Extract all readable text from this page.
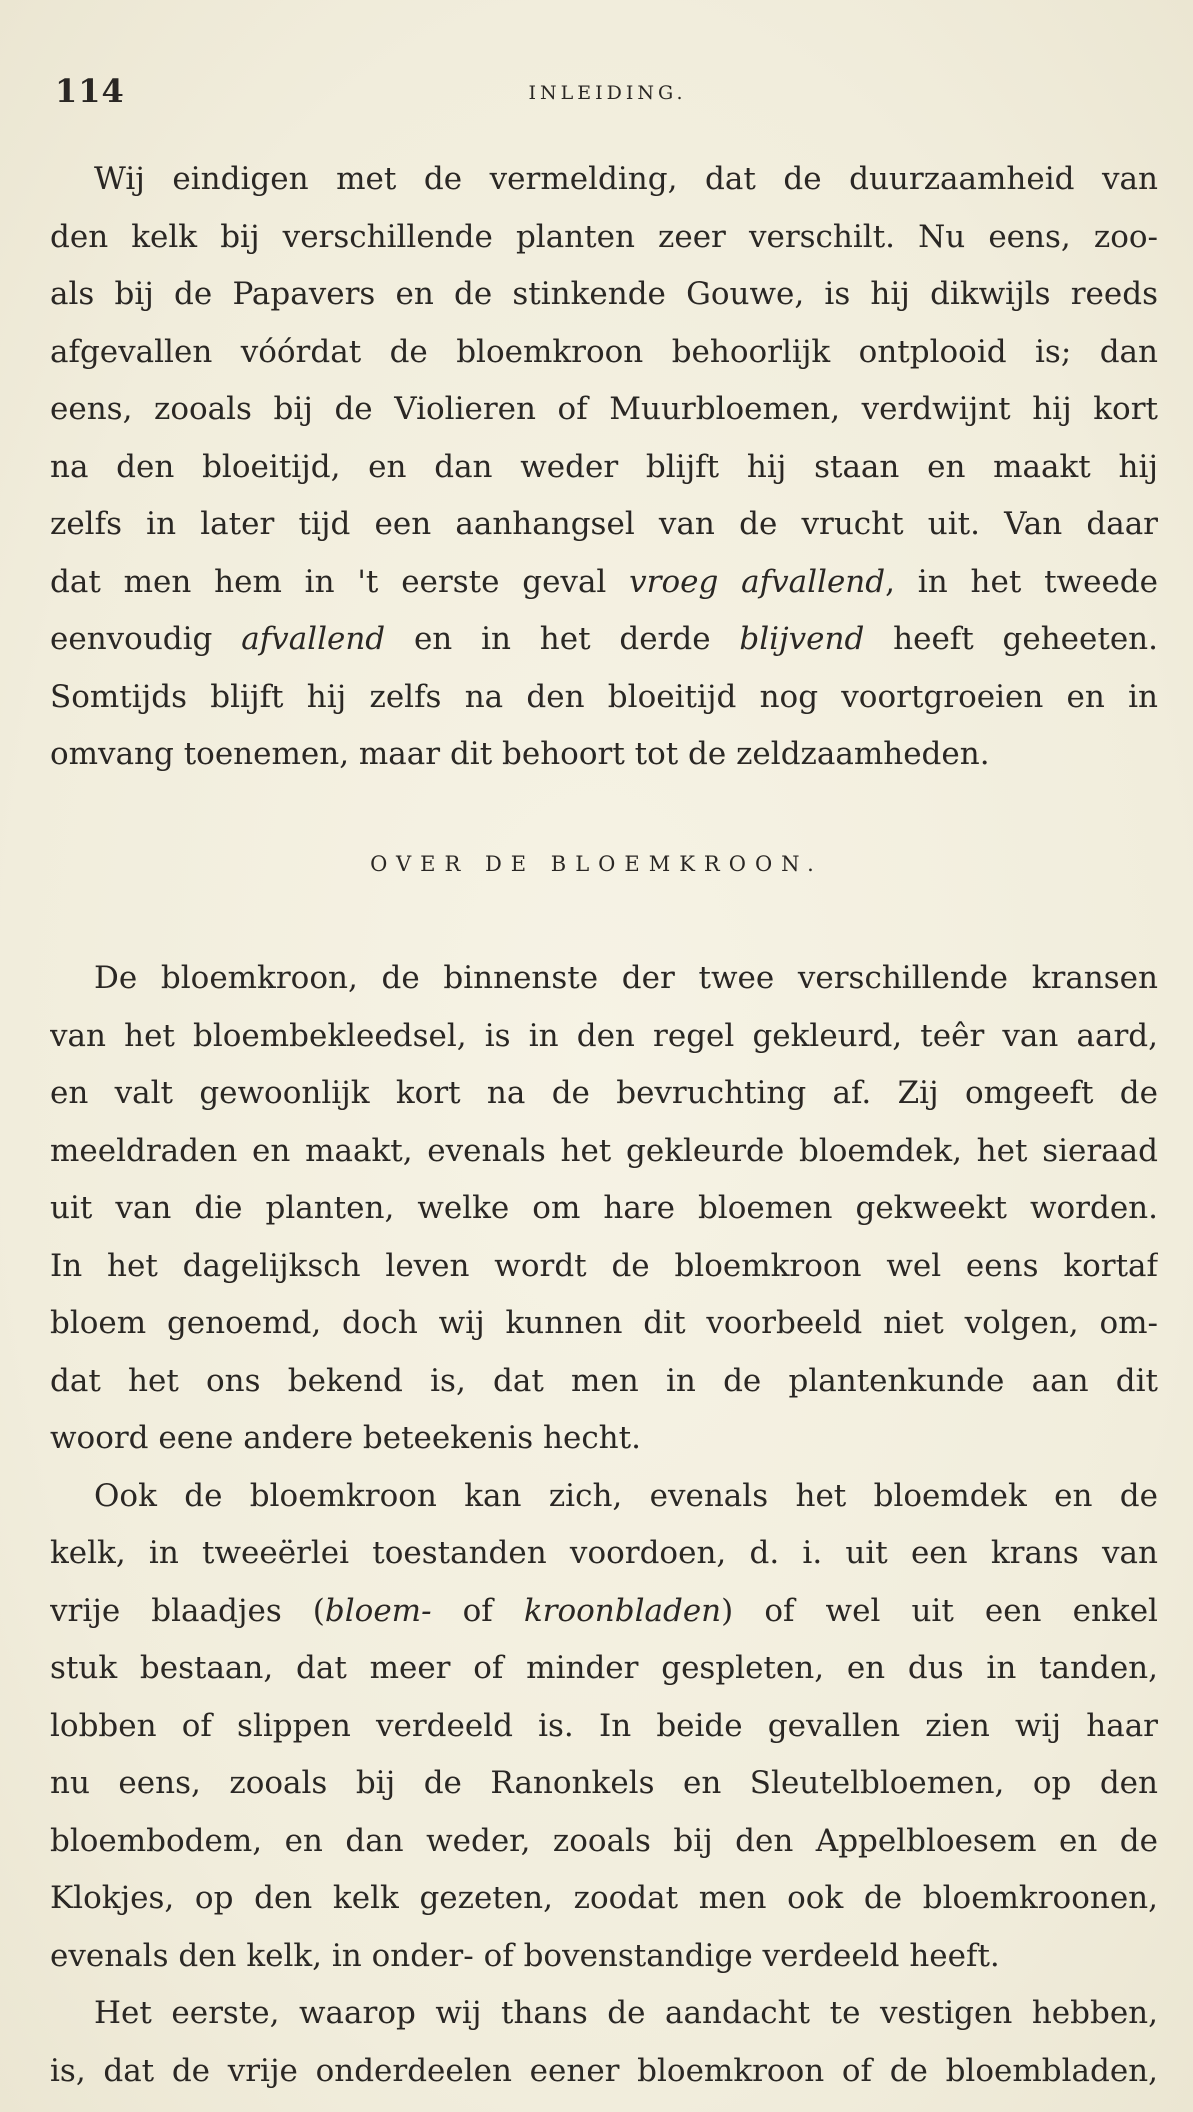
114	INLEIDING.
Wij eindigen met de vermelding, dat de duurzaamheid van
den kelk bij verschillende planten zeer verschilt. Nu eens, zoo-
als bij de Papavers en de stinkende Gouwe, is hij dikwijls reeds
afgevallen vóórdat de bloemkroon behoorlijk ontplooid is; dan
eens, zooals bij de Violieren of Muurbloemen, verdwijnt hij kort
na den bloeitijd, en dan weder blijft hij staan en maakt hij
zelfs in later tijd een aanhangsel van de vrucht uit. Van daar
dat men hem in 't eerste geval vroeg afvallend, in het tweede
eenvoudig afvallend en in het derde blijvend heeft geheeten.
Somtijds blijft hij zelfs na den bloeitijd nog voortgroeien en in
omvang toenemen, maar dit behoort tot de zeldzaamheden.
OVER DE BLOEMKROON.
De bloemkroon, de binnenste der twee verschillende kransen
van het bloembekleedsel, is in den regel gekleurd, teêr van aard,
en valt gewoonlijk kort na de bevruchting af. Zij omgeeft de
meeldraden en maakt, evenals het gekleurde bloemdek, het sieraad
uit van die planten, welke om hare bloemen gekweekt worden.
In het dagelijksch leven wordt de bloemkroon wel eens kortaf
bloem genoemd, doch wij kunnen dit voorbeeld niet volgen, om-
dat het ons bekend is, dat men in de plantenkunde aan dit
woord eene andere beteekenis hecht.
Ook de bloemkroon kan zich, evenals het bloemdek en de
kelk, in tweeërlei toestanden voordoen, d. i. uit een krans van
vrije blaadjes (bloem- of kroonbladen) of wel uit een enkel
stuk bestaan, dat meer of minder gespleten, en dus in tanden,
lobben of slippen verdeeld is. In beide gevallen zien wij haar
nu eens, zooals bij de Ranonkels en Sleutelbloemen, op den
bloembodem, en dan weder, zooals bij den Appelbloesem en de
Klokjes, op den kelk gezeten, zoodat men ook de bloemkroonen,
evenals den kelk, in onder- of bovenstandige verdeeld heeft.
Het eerste, waarop wij thans de aandacht te vestigen hebben,
is, dat de vrije onderdeelen eener bloemkroon of de bloembladen,
